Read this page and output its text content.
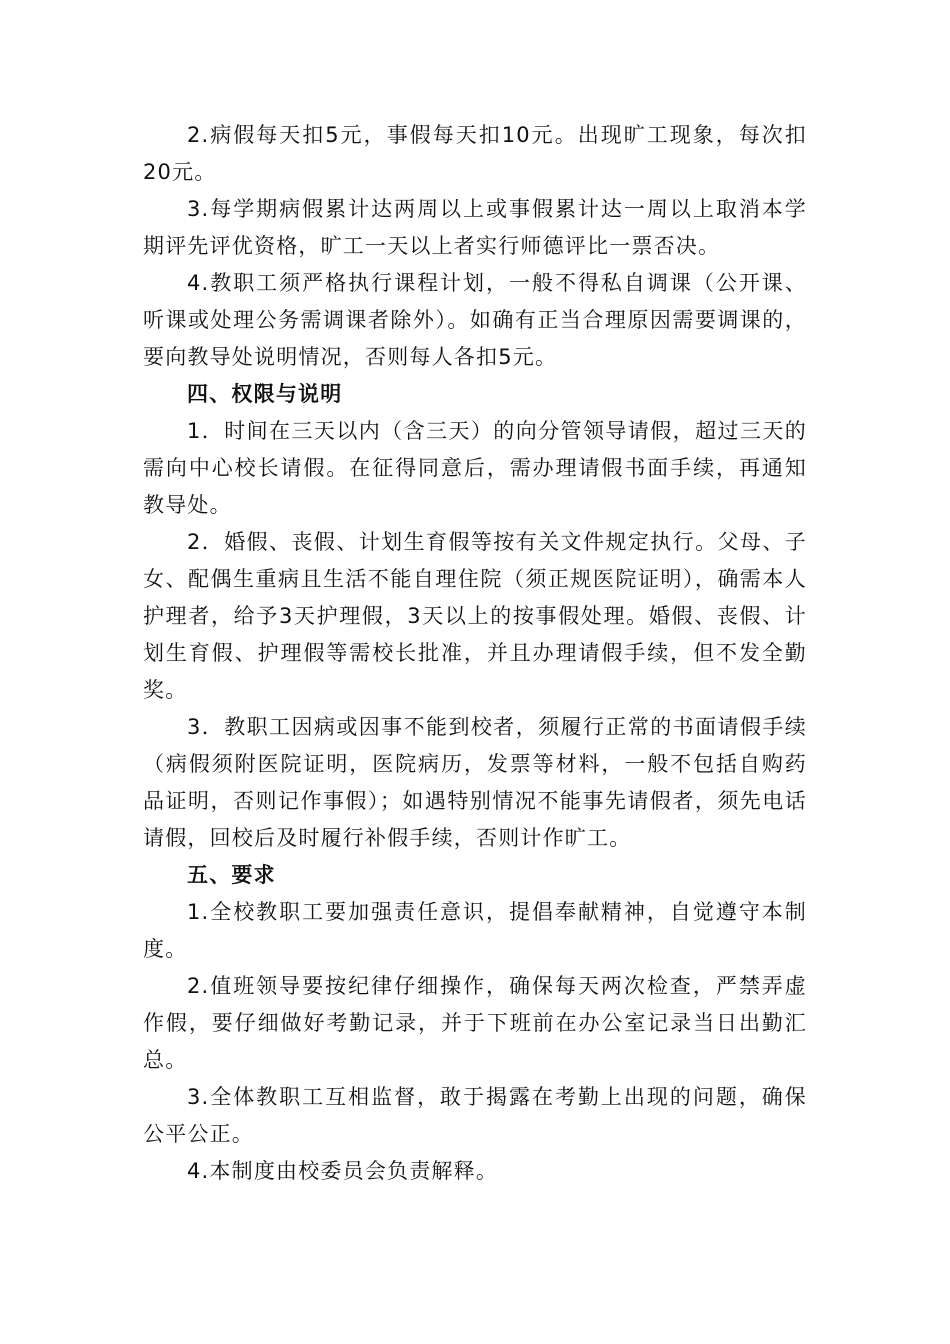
2.病假每天扣5元，事假每天扣10元。出现旷工现象，每次扣20元。

3.每学期病假累计达两周以上或事假累计达一周以上取消本学期评先评优资格，旷工一天以上者实行师德评比一票否决。

4.教职工须严格执行课程计划，一般不得私自调课（公开课、听课或处理公务需调课者除外）。如确有正当合理原因需要调课的，要向教导处说明情况，否则每人各扣5元。

四、权限与说明

1．时间在三天以内（含三天）的向分管领导请假，超过三天的需向中心校长请假。在征得同意后，需办理请假书面手续，再通知教导处。

2．婚假、丧假、计划生育假等按有关文件规定执行。父母、子女、配偶生重病且生活不能自理住院（须正规医院证明），确需本人护理者，给予3天护理假，3天以上的按事假处理。婚假、丧假、计划生育假、护理假等需校长批准，并且办理请假手续，但不发全勤奖。

3．教职工因病或因事不能到校者，须履行正常的书面请假手续（病假须附医院证明，医院病历，发票等材料，一般不包括自购药品证明，否则记作事假）；如遇特别情况不能事先请假者，须先电话请假，回校后及时履行补假手续，否则计作旷工。

五、要求

1.全校教职工要加强责任意识，提倡奉献精神，自觉遵守本制度。

2.值班领导要按纪律仔细操作，确保每天两次检查，严禁弄虚作假，要仔细做好考勤记录，并于下班前在办公室记录当日出勤汇总。

3.全体教职工互相监督，敢于揭露在考勤上出现的问题，确保公平公正。

4.本制度由校委员会负责解释。
